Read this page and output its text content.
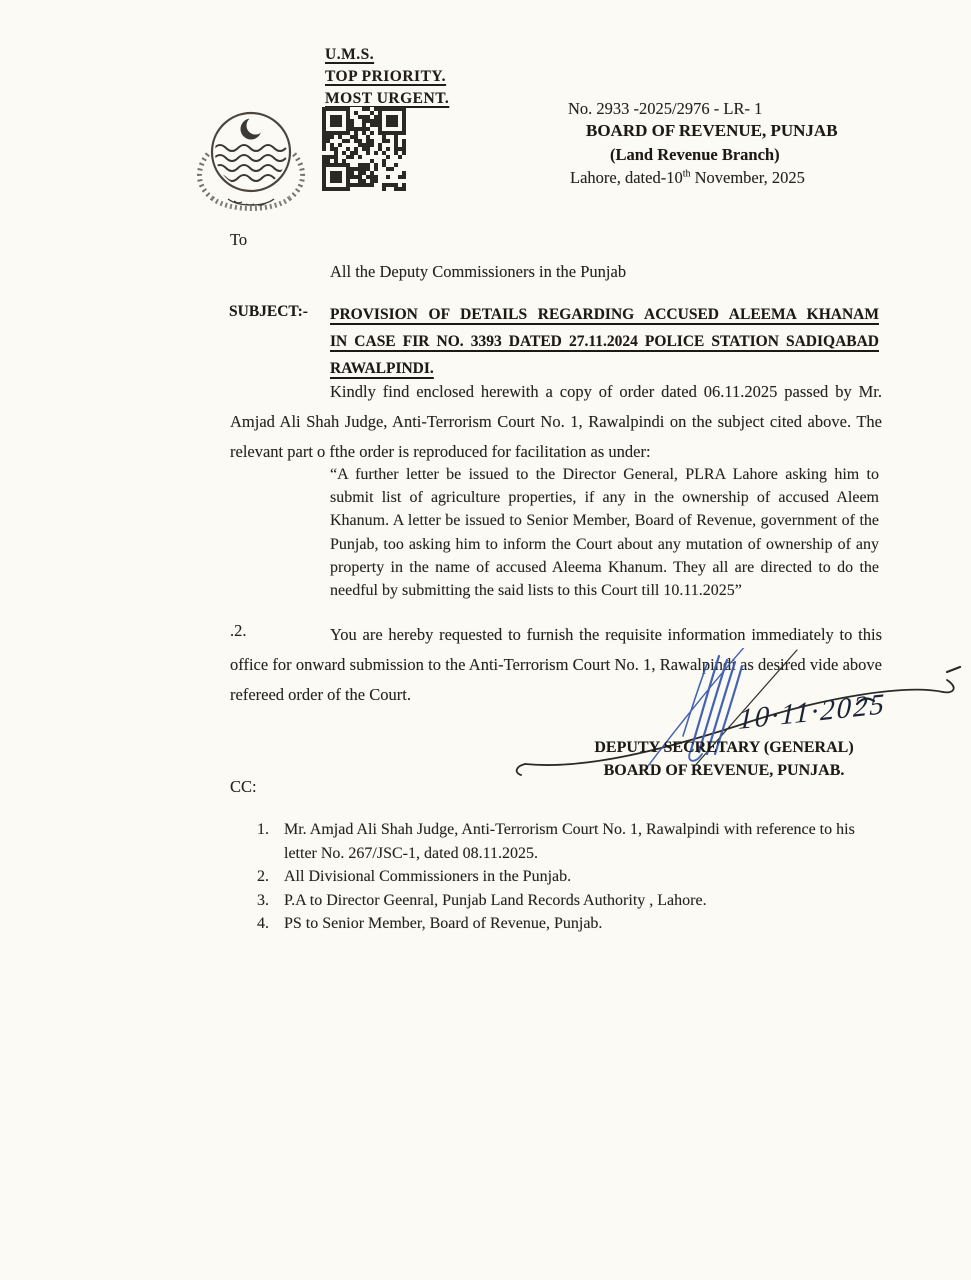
U.M.S.
TOP PRIORITY.
MOST URGENT.
No. 2933 -2025/2976 - LR- 1
BOARD OF REVENUE, PUNJAB
(Land Revenue Branch)
Lahore, dated-10th November, 2025
To
All the Deputy Commissioners in the Punjab
SUBJECT:- PROVISION OF DETAILS REGARDING ACCUSED ALEEMA KHANAM IN CASE FIR NO. 3393 DATED 27.11.2024 POLICE STATION SADIQABAD RAWALPINDI.

Kindly find enclosed herewith a copy of order dated 06.11.2025 passed by Mr. Amjad Ali Shah Judge, Anti-Terrorism Court No. 1, Rawalpindi on the subject cited above. The relevant part o fthe order is reproduced for facilitation as under:

“A further letter be issued to the Director General, PLRA Lahore asking him to submit list of agriculture properties, if any in the ownership of accused Aleem Khanum. A letter be issued to Senior Member, Board of Revenue, government of the Punjab, too asking him to inform the Court about any mutation of ownership of any property in the name of accused Aleema Khanum. They all are directed to do the needful by submitting the said lists to this Court till 10.11.2025”
.2.	You are hereby requested to furnish the requisite information immediately to this office for onward submission to the Anti-Terrorism Court No. 1, Rawalpindi as desired vide above refereed order of the Court.	10·11·2025
DEPUTY SECRETARY (GENERAL)
BOARD OF REVENUE, PUNJAB.
CC:
1. Mr. Amjad Ali Shah Judge, Anti-Terrorism Court No. 1, Rawalpindi with reference to his letter No. 267/JSC-1, dated 08.11.2025.
2. All Divisional Commissioners in the Punjab.
3. P.A to Director Geenral, Punjab Land Records Authority , Lahore.
4. PS to Senior Member, Board of Revenue, Punjab.
